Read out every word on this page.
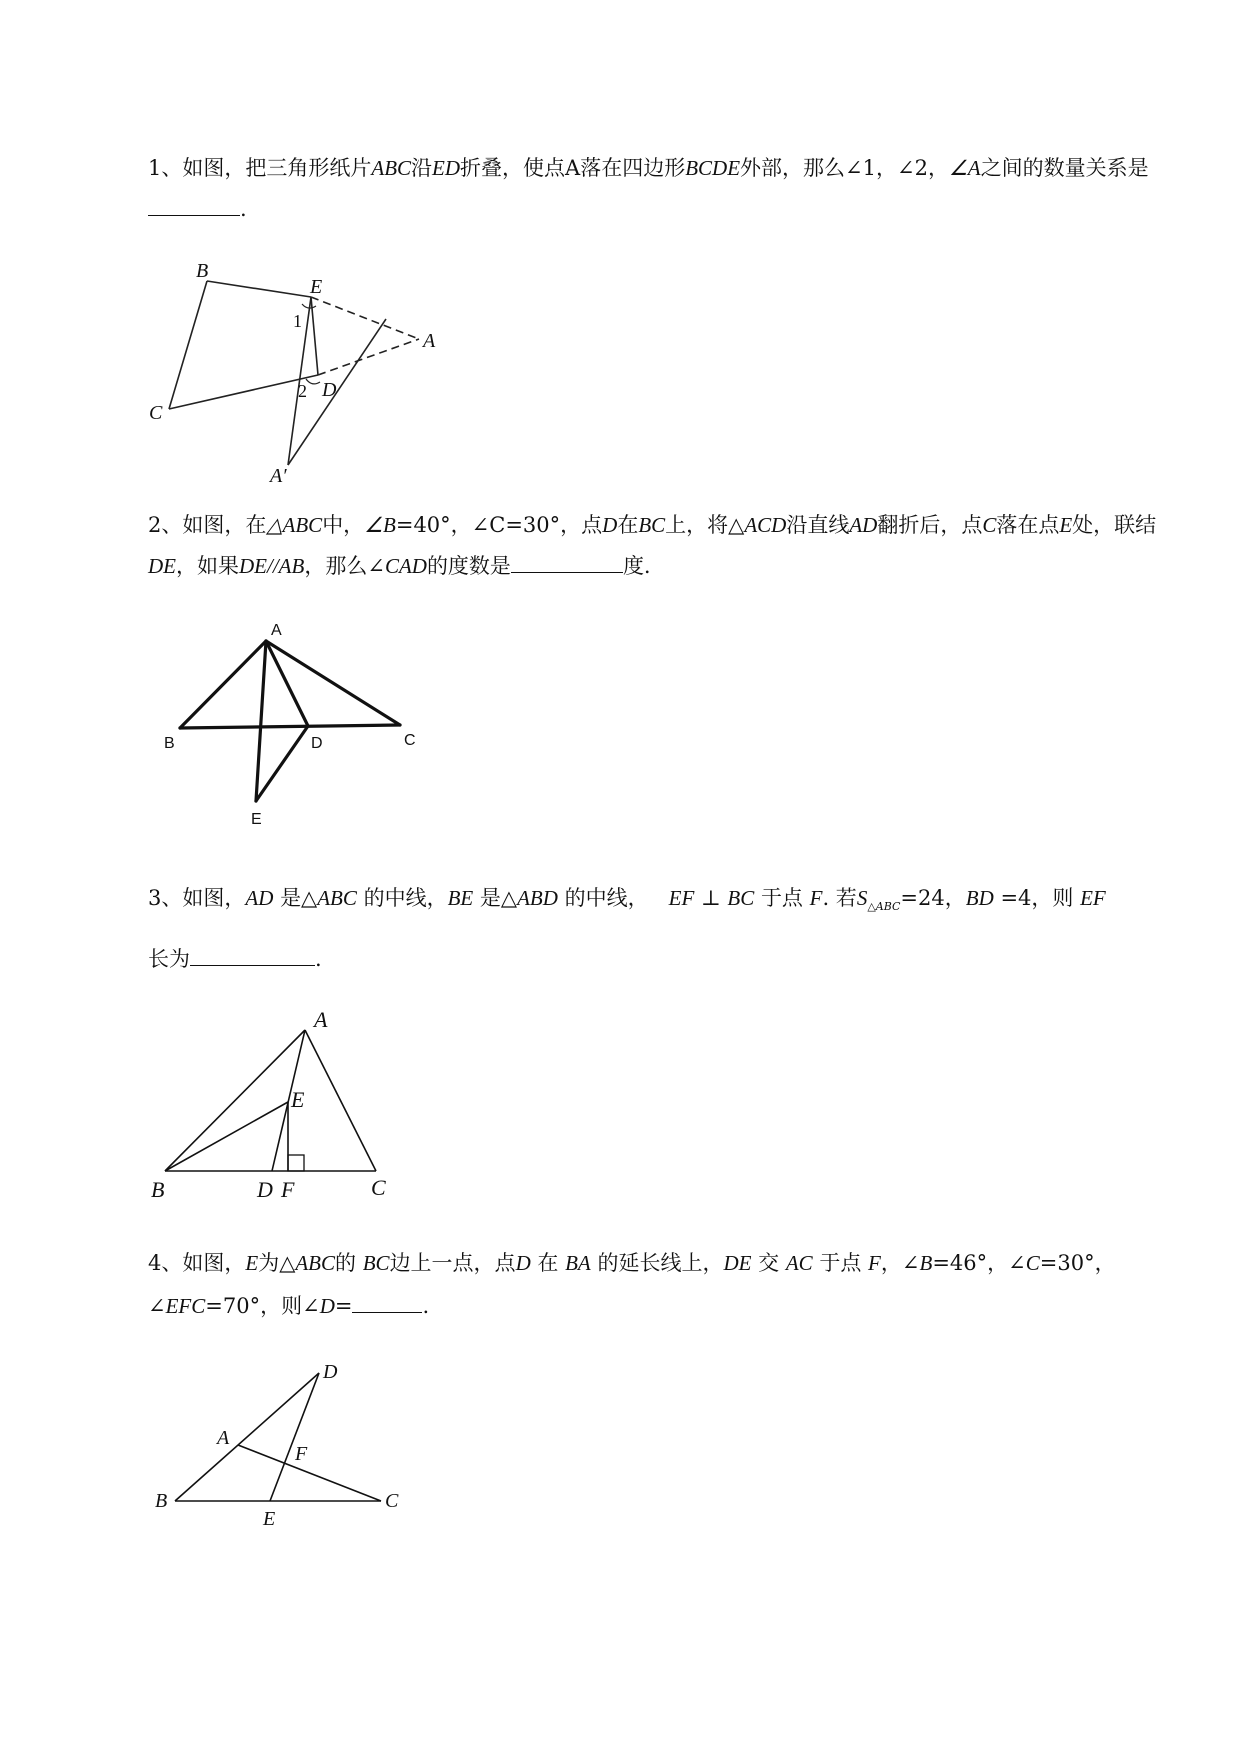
1、如图，把三角形纸片ABC沿ED折叠，使点A落在四边形BCDE外部，那么∠1，∠2，∠A之间的数量关系是.
B
E
A
C
D
A′
1
2
2、如图，在△ABC中，∠B=40°，∠C=30°，点D在BC上，将△ACD沿直线AD翻折后，点C落在点E处，联结DE，如果DE//AB，那么∠CAD的度数是	度.
A
B	C
D
E
3、如图，AD 是△ABC 的中线，BE 是△ABD 的中线， EF ⊥ BC 于点 F. 若$S_{\triangle ABC}=24$，BD =4，则 EF
长为	.
A
E
B	D F	C
4、如图，E为△ABC的 BC边上一点，点D 在 BA 的延长线上，DE 交 AC 于点 F，∠B=46°，∠C=30°，∠EFC=70°，则∠D=	.
D
A
F
B
E
C
